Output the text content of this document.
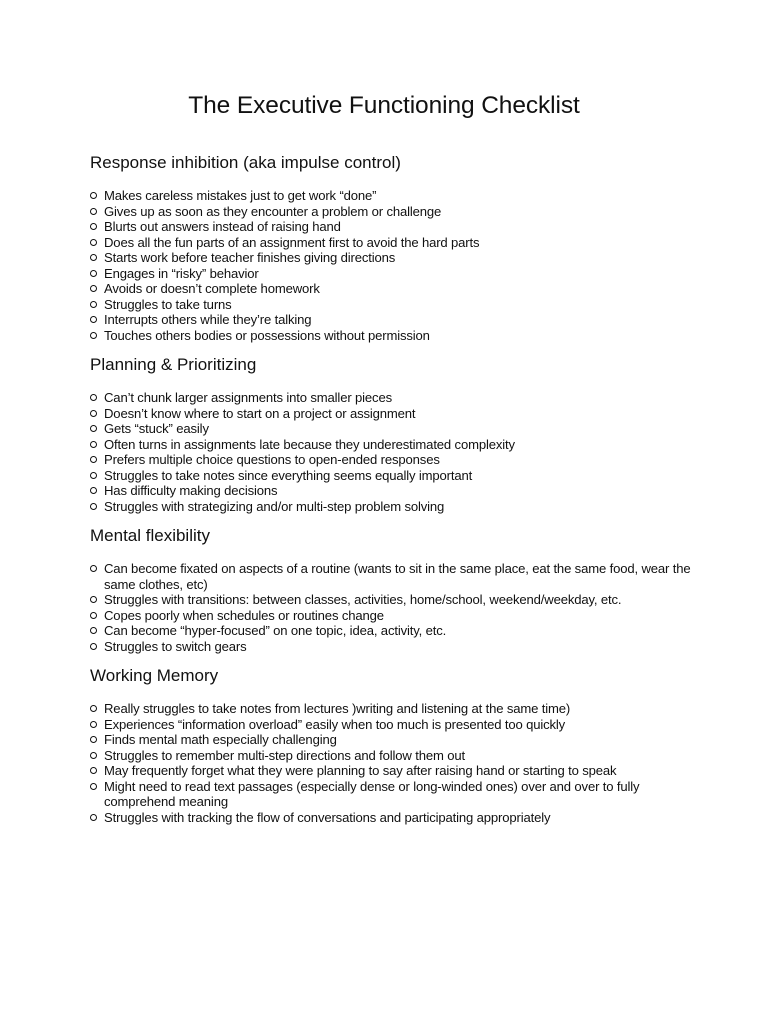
The Executive Functioning Checklist
Response inhibition (aka impulse control)
Makes careless mistakes just to get work “done”
Gives up as soon as they encounter a problem or challenge
Blurts out answers instead of raising hand
Does all the fun parts of an assignment first to avoid the hard parts
Starts work before teacher finishes giving directions
Engages in “risky” behavior
Avoids or doesn’t complete homework
Struggles to take turns
Interrupts others while they’re talking
Touches others bodies or possessions without permission
Planning & Prioritizing
Can’t chunk larger assignments into smaller pieces
Doesn’t know where to start on a project or assignment
Gets “stuck” easily
Often turns in assignments late because they underestimated complexity
Prefers multiple choice questions to open-ended responses
Struggles to take notes since everything seems equally important
Has difficulty making decisions
Struggles with strategizing and/or multi-step problem solving
Mental flexibility
Can become fixated on aspects of a routine (wants to sit in the same place, eat the same food, wear the same clothes, etc)
Struggles with transitions: between classes, activities, home/school, weekend/weekday, etc.
Copes poorly when schedules or routines change
Can become “hyper-focused” on one topic, idea, activity, etc.
Struggles to switch gears
Working Memory
Really struggles to take notes from lectures )writing and listening at the same time)
Experiences “information overload” easily when too much is presented too quickly
Finds mental math especially challenging
Struggles to remember multi-step directions and follow them out
May frequently forget what they were planning to say after raising hand or starting to speak
Might need to read text passages (especially dense or long-winded ones) over and over to fully comprehend meaning
Struggles with tracking the flow of conversations and participating appropriately
